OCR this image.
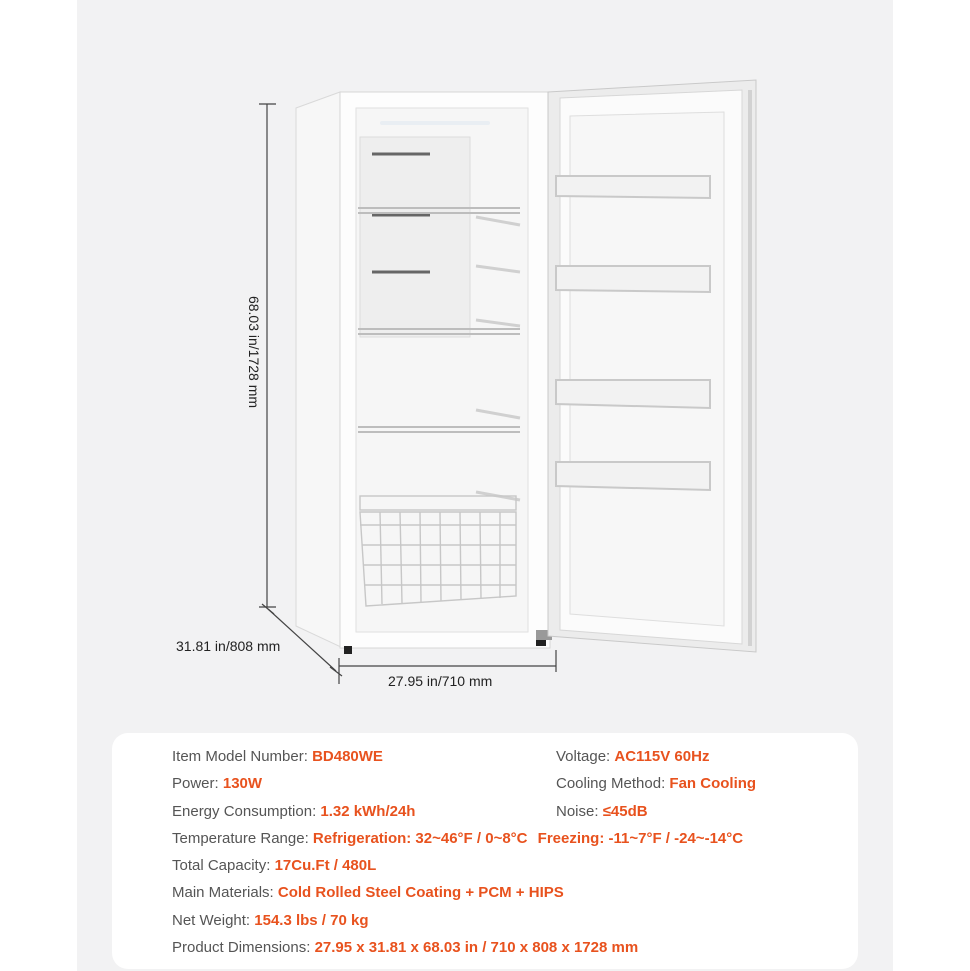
68.03 in/1728 mm
31.81 in/808 mm
27.95 in/710 mm
Item Model Number: BD480WE	Voltage: AC115V 60Hz
Power: 130W	Cooling Method: Fan Cooling
Energy Consumption: 1.32 kWh/24h	Noise: ≤45dB
Temperature Range: Refrigeration: 32~46°F / 0~8°C Freezing: -11~7°F / -24~-14°C
Total Capacity: 17Cu.Ft / 480L
Main Materials: Cold Rolled Steel Coating + PCM + HIPS
Net Weight: 154.3 lbs / 70 kg
Product Dimensions: 27.95 x 31.81 x 68.03 in / 710 x 808 x 1728 mm
